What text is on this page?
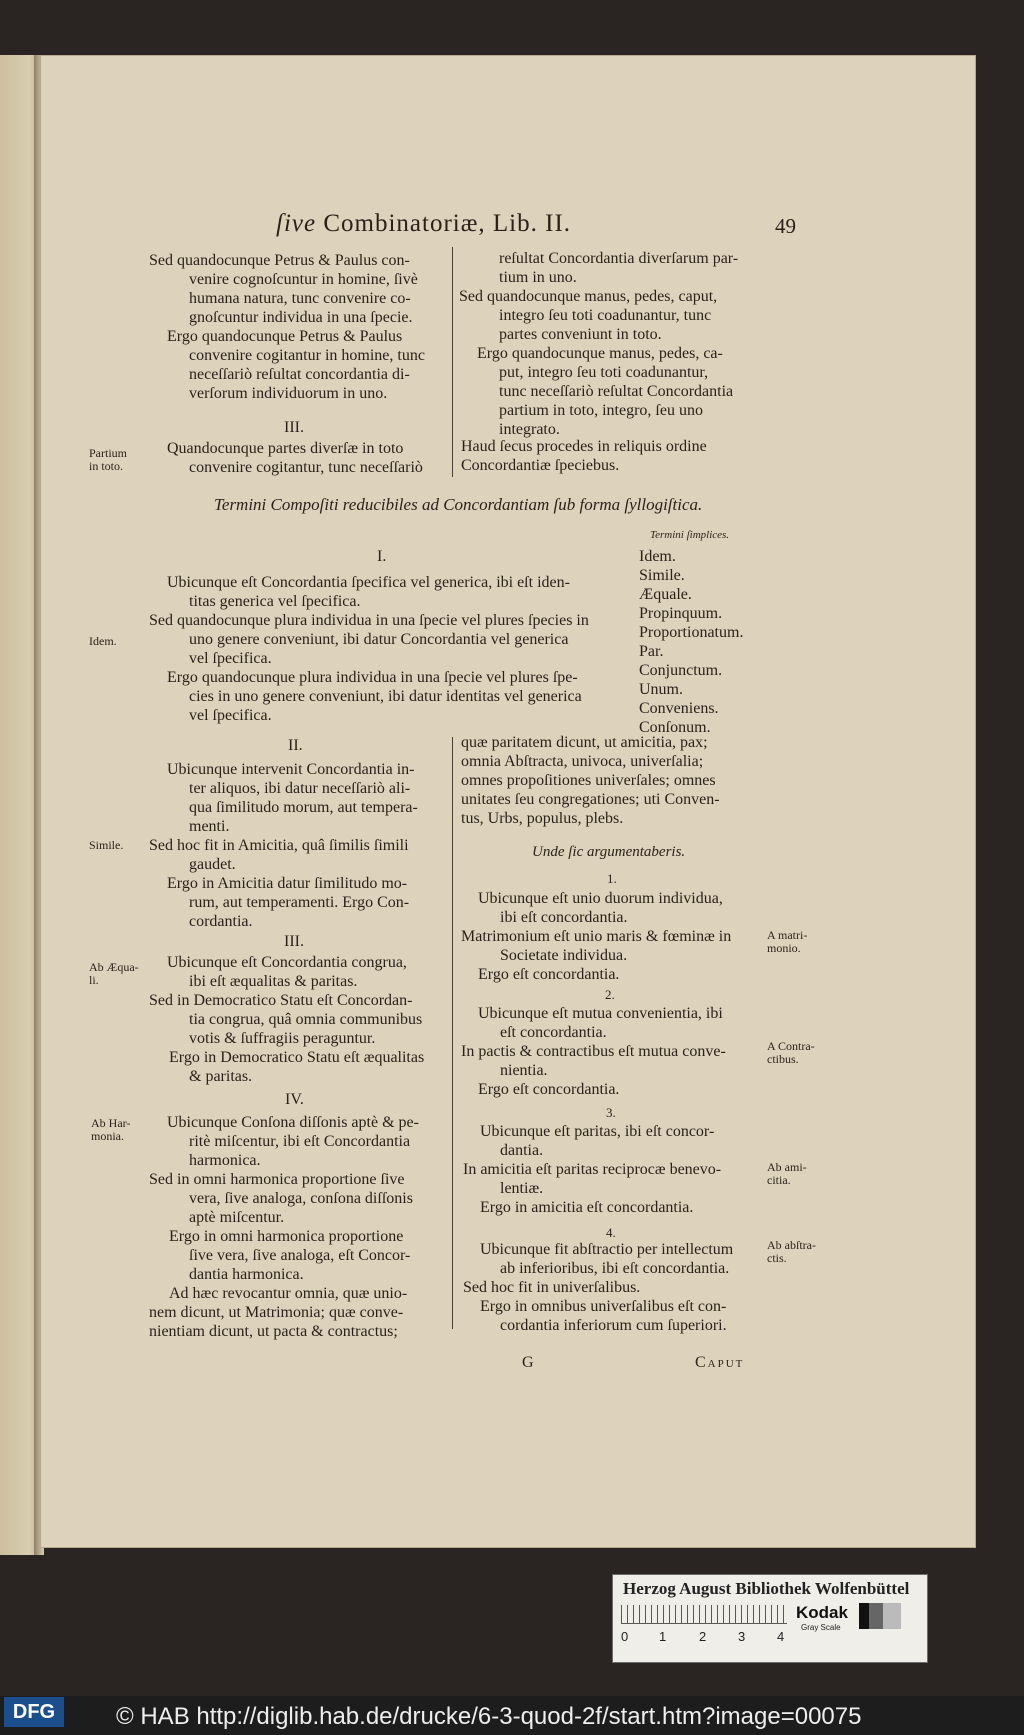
ſive Combinatoriæ, Lib. II.	49
Sed quandocunque Petrus & Paulus con-
venire cognoſcuntur in homine, ſivè
humana natura, tunc convenire co-
gnoſcuntur individua in una ſpecie.
Ergo quandocunque Petrus & Paulus
convenire cogitantur in homine, tunc
neceſſariò reſultat concordantia di-
verſorum individuorum in uno.
III.
Quandocunque partes diverſæ in toto
convenire cogitantur, tunc neceſſariò
Partium
in toto.
reſultat Concordantia diverſarum par-
tium in uno.
Sed quandocunque manus, pedes, caput,
integro ſeu toti coadunantur, tunc
partes conveniunt in toto.
Ergo quandocunque manus, pedes, ca-
put, integro ſeu toti coadunantur,
tunc neceſſariò reſultat Concordantia
partium in toto, integro, ſeu uno
integrato.
Haud ſecus procedes in reliquis ordine
Concordantiæ ſpeciebus.
Termini Compoſiti reducibiles ad Concordantiam ſub forma ſyllogiſtica.
Termini ſimplices.
I.
Ubicunque eſt Concordantia ſpecifica vel generica, ibi eſt iden-
titas generica vel ſpecifica.
Sed quandocunque plura individua in una ſpecie vel plures ſpecies in
uno genere conveniunt, ibi datur Concordantia vel generica
vel ſpecifica.
Ergo quandocunque plura individua in una ſpecie vel plures ſpe-
cies in uno genere conveniunt, ibi datur identitas vel generica
vel ſpecifica.
Idem.
Idem.
Simile.
Æquale.
Propinquum.
Proportionatum.
Par.
Conjunctum.
Unum.
Conveniens.
Conſonum.
II.
Ubicunque intervenit Concordantia in-
ter aliquos, ibi datur neceſſariò ali-
qua ſimilitudo morum, aut tempera-
menti.
Sed hoc fit in Amicitia, quâ ſimilis ſimili
gaudet.
Ergo in Amicitia datur ſimilitudo mo-
rum, aut temperamenti. Ergo Con-
cordantia.
Simile.
III.
Ubicunque eſt Concordantia congrua,
ibi eſt æqualitas & paritas.
Sed in Democratico Statu eſt Concordan-
tia congrua, quâ omnia communibus
votis & ſuffragiis peraguntur.
Ergo in Democratico Statu eſt æqualitas
& paritas.
Ab Æqua-
li.
IV.
Ubicunque Conſona diſſonis aptè & pe-
ritè miſcentur, ibi eſt Concordantia
harmonica.
Sed in omni harmonica proportione ſive
vera, ſive analoga, conſona diſſonis
aptè miſcentur.
Ergo in omni harmonica proportione
ſive vera, ſive analoga, eſt Concor-
dantia harmonica.
Ad hæc revocantur omnia, quæ unio-
nem dicunt, ut Matrimonia; quæ conve-
nientiam dicunt, ut pacta & contractus;
Ab Har-
monia.
quæ paritatem dicunt, ut amicitia, pax;
omnia Abſtracta, univoca, univerſalia;
omnes propoſitiones univerſales; omnes
unitates ſeu congregationes; uti Conven-
tus, Urbs, populus, plebs.
Unde ſic argumentaberis.
1.
Ubicunque eſt unio duorum individua,
ibi eſt concordantia.
Matrimonium eſt unio maris & fœminæ in
Societate individua.
Ergo eſt concordantia.
A matri-
monio.
2.
Ubicunque eſt mutua convenientia, ibi
eſt concordantia.
In pactis & contractibus eſt mutua conve-
nientia.
Ergo eſt concordantia.
A Contra-
ctibus.
3.
Ubicunque eſt paritas, ibi eſt concor-
dantia.
In amicitia eſt paritas reciprocæ benevo-
lentiæ.
Ergo in amicitia eſt concordantia.
Ab ami-
citia.
4.
Ubicunque fit abſtractio per intellectum
ab inferioribus, ibi eſt concordantia.
Sed hoc fit in univerſalibus.
Ergo in omnibus univerſalibus eſt con-
cordantia inferiorum cum ſuperiori.
Ab abſtra-
ctis.
G	Caput
Herzog August Bibliothek Wolfenbüttel
0 1	2 3 4
Kodak
Gray Scale
DFG	© HAB http://diglib.hab.de/drucke/6-3-quod-2f/start.htm?image=00075
